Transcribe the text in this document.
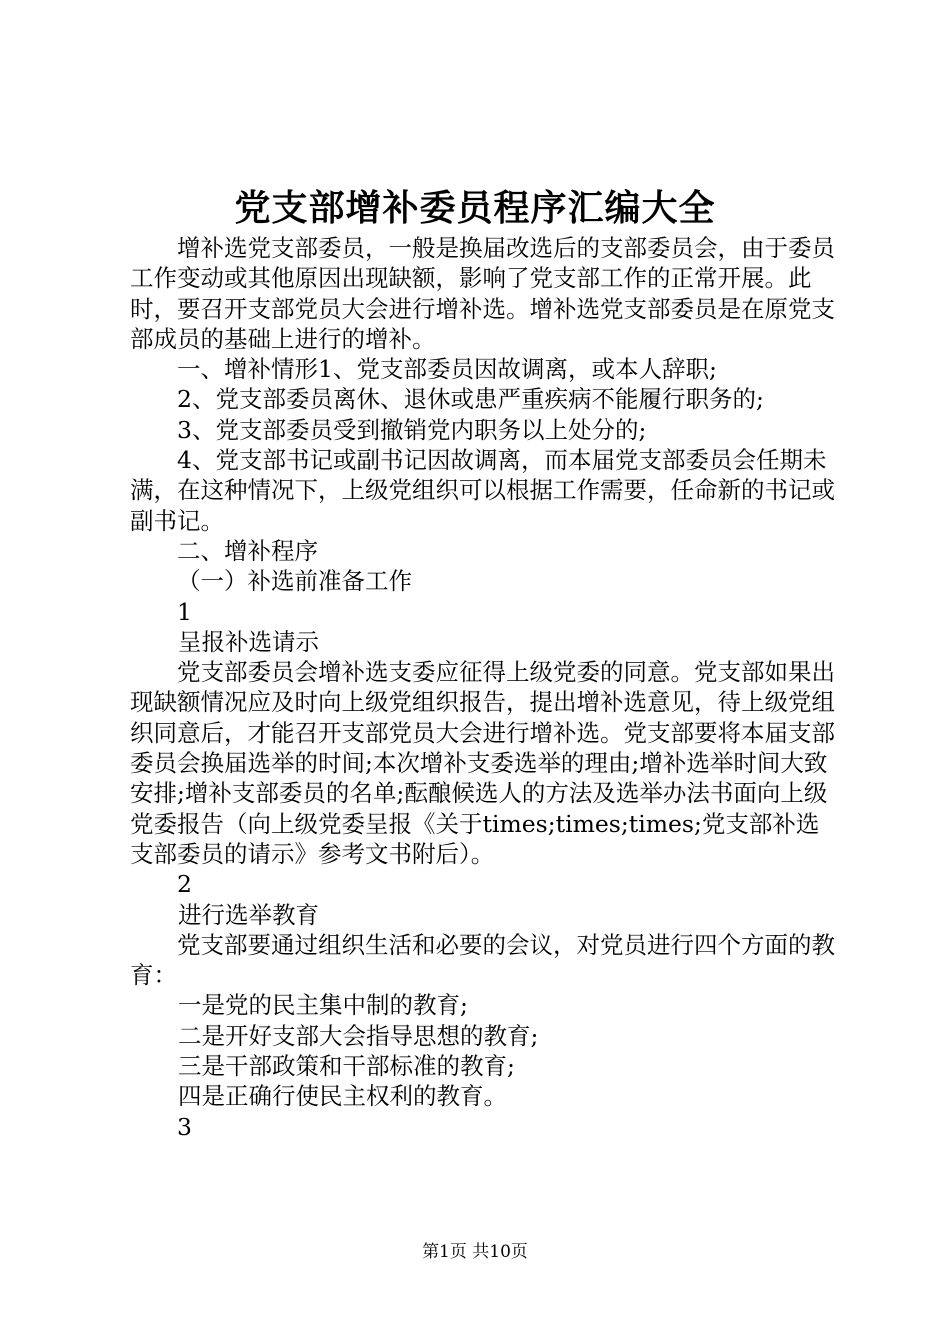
党支部增补委员程序汇编大全

增补选党支部委员，一般是换届改选后的支部委员会，由于委员工作变动或其他原因出现缺额，影响了党支部工作的正常开展。此时，要召开支部党员大会进行增补选。增补选党支部委员是在原党支部成员的基础上进行的增补。

一、增补情形1、党支部委员因故调离，或本人辞职;

2、党支部委员离休、退休或患严重疾病不能履行职务的;

3、党支部委员受到撤销党内职务以上处分的;

4、党支部书记或副书记因故调离，而本届党支部委员会任期未满，在这种情况下，上级党组织可以根据工作需要，任命新的书记或副书记。

二、增补程序

（一）补选前准备工作

1

呈报补选请示

党支部委员会增补选支委应征得上级党委的同意。党支部如果出现缺额情况应及时向上级党组织报告，提出增补选意见，待上级党组织同意后，才能召开支部党员大会进行增补选。党支部要将本届支部委员会换届选举的时间;本次增补支委选举的理由;增补选举时间大致安排;增补支部委员的名单;酝酿候选人的方法及选举办法书面向上级党委报告（向上级党委呈报《关于times;times;times;党支部补选支部委员的请示》参考文书附后）。

2

进行选举教育

党支部要通过组织生活和必要的会议，对党员进行四个方面的教育：

一是党的民主集中制的教育;

二是开好支部大会指导思想的教育;

三是干部政策和干部标准的教育;

四是正确行使民主权利的教育。

3

第1页 共10页
